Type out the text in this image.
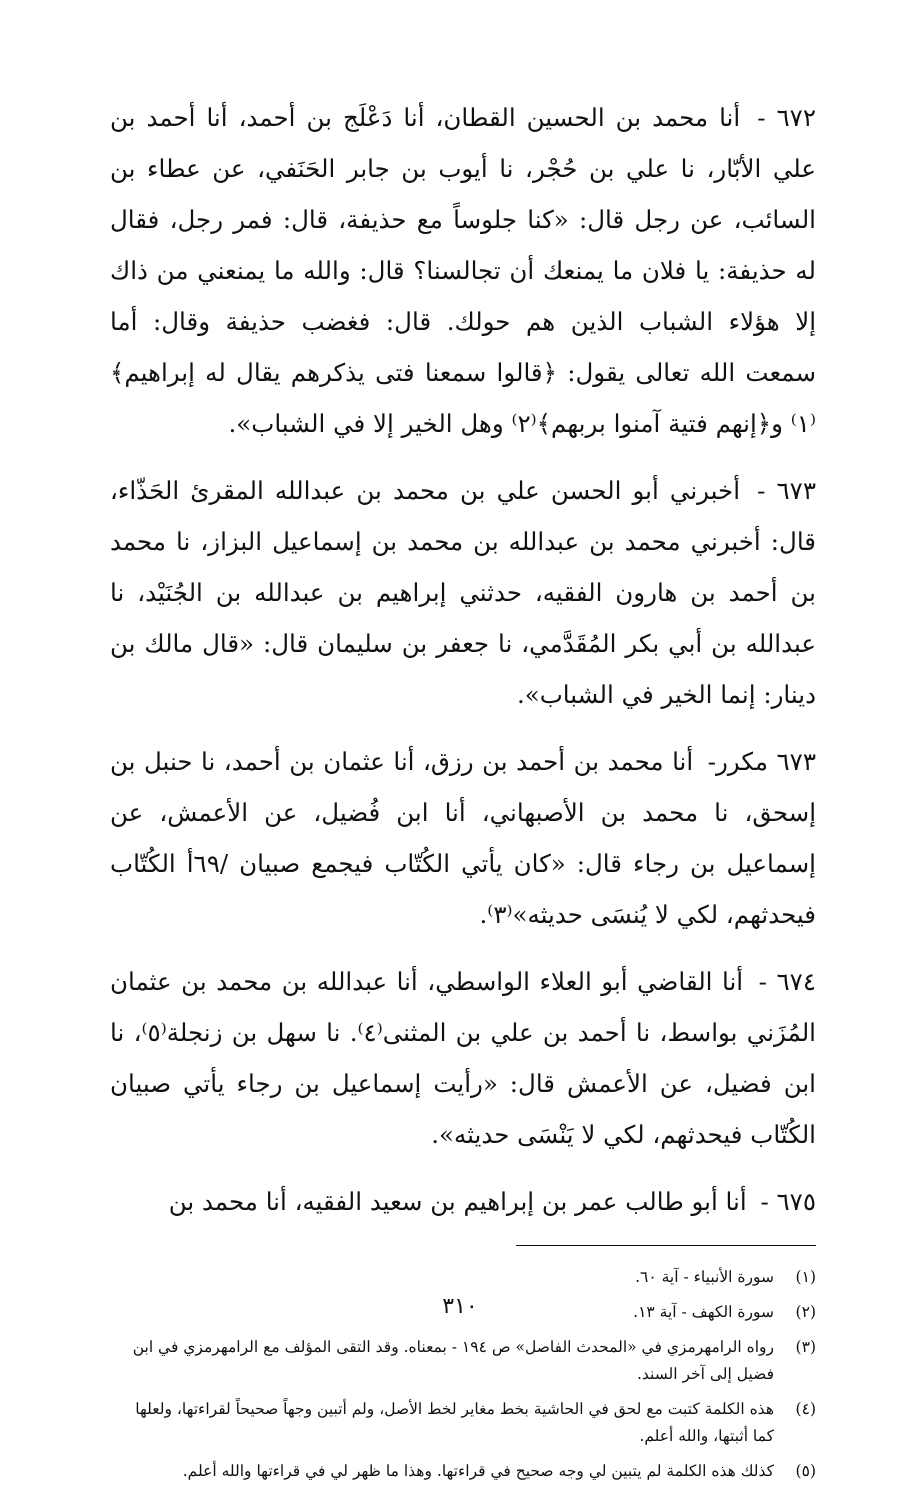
٦٧٢ - أنا محمد بن الحسين القطان، أنا دَعْلَج بن أحمد، أنا أحمد بن علي الأبّار، نا علي بن حُجْر، نا أيوب بن جابر الحَنَفي، عن عطاء بن السائب، عن رجل قال: «كنا جلوساً مع حذيفة، قال: فمر رجل، فقال له حذيفة: يا فلان ما يمنعك أن تجالسنا؟ قال: والله ما يمنعني من ذاك إلا هؤلاء الشباب الذين هم حولك. قال: فغضب حذيفة وقال: أما سمعت الله تعالى يقول: ﴿قالوا سمعنا فتى يذكرهم يقال له إبراهيم﴾⁽١⁾ و﴿إنهم فتية آمنوا بربهم﴾⁽٢⁾ وهل الخير إلا في الشباب».

٦٧٣ - أخبرني أبو الحسن علي بن محمد بن عبدالله المقرئ الحَذّاء، قال: أخبرني محمد بن عبدالله بن محمد بن إسماعيل البزاز، نا محمد بن أحمد بن هارون الفقيه، حدثني إبراهيم بن عبدالله بن الجُنَيْد، نا عبدالله بن أبي بكر المُقَدَّمي، نا جعفر بن سليمان قال: «قال مالك بن دينار: إنما الخير في الشباب».

٦٧٣ مكرر- أنا محمد بن أحمد بن رزق، أنا عثمان بن أحمد، نا حنبل بن إسحق، نا محمد بن الأصبهاني، أنا ابن فُضيل، عن الأعمش، عن إسماعيل بن رجاء قال: «كان يأتي الكُتّاب فيجمع صبيان /٦٩أ الكُتّاب فيحدثهم، لكي لا يُنسَى حديثه»⁽٣⁾.

٦٧٤ - أنا القاضي أبو العلاء الواسطي، أنا عبدالله بن محمد بن عثمان المُزَني بواسط، نا أحمد بن علي بن المثنى⁽٤⁾. نا سهل بن زنجلة⁽٥⁾، نا ابن فضيل، عن الأعمش قال: «رأيت إسماعيل بن رجاء يأتي صبيان الكُتّاب فيحدثهم، لكي لا يَنْسَى حديثه».

٦٧٥ - أنا أبو طالب عمر بن إبراهيم بن سعيد الفقيه، أنا محمد بن

(١)
سورة الأنبياء - آية ٦٠.
(٢)
سورة الكهف - آية ١٣.
(٣)
رواه الرامهرمزي في «المحدث الفاصل» ص ١٩٤ - بمعناه. وقد التقى المؤلف مع الرامهرمزي في ابن فضيل إلى آخر السند.
(٤)
هذه الكلمة كتبت مع لحق في الحاشية بخط مغاير لخط الأصل، ولم أتبين وجهاً صحيحاً لقراءتها، ولعلها كما أثبتها، والله أعلم.
(٥)
كذلك هذه الكلمة لم يتبين لي وجه صحيح في قراءتها. وهذا ما ظهر لي في قراءتها والله أعلم.
٣١٠
